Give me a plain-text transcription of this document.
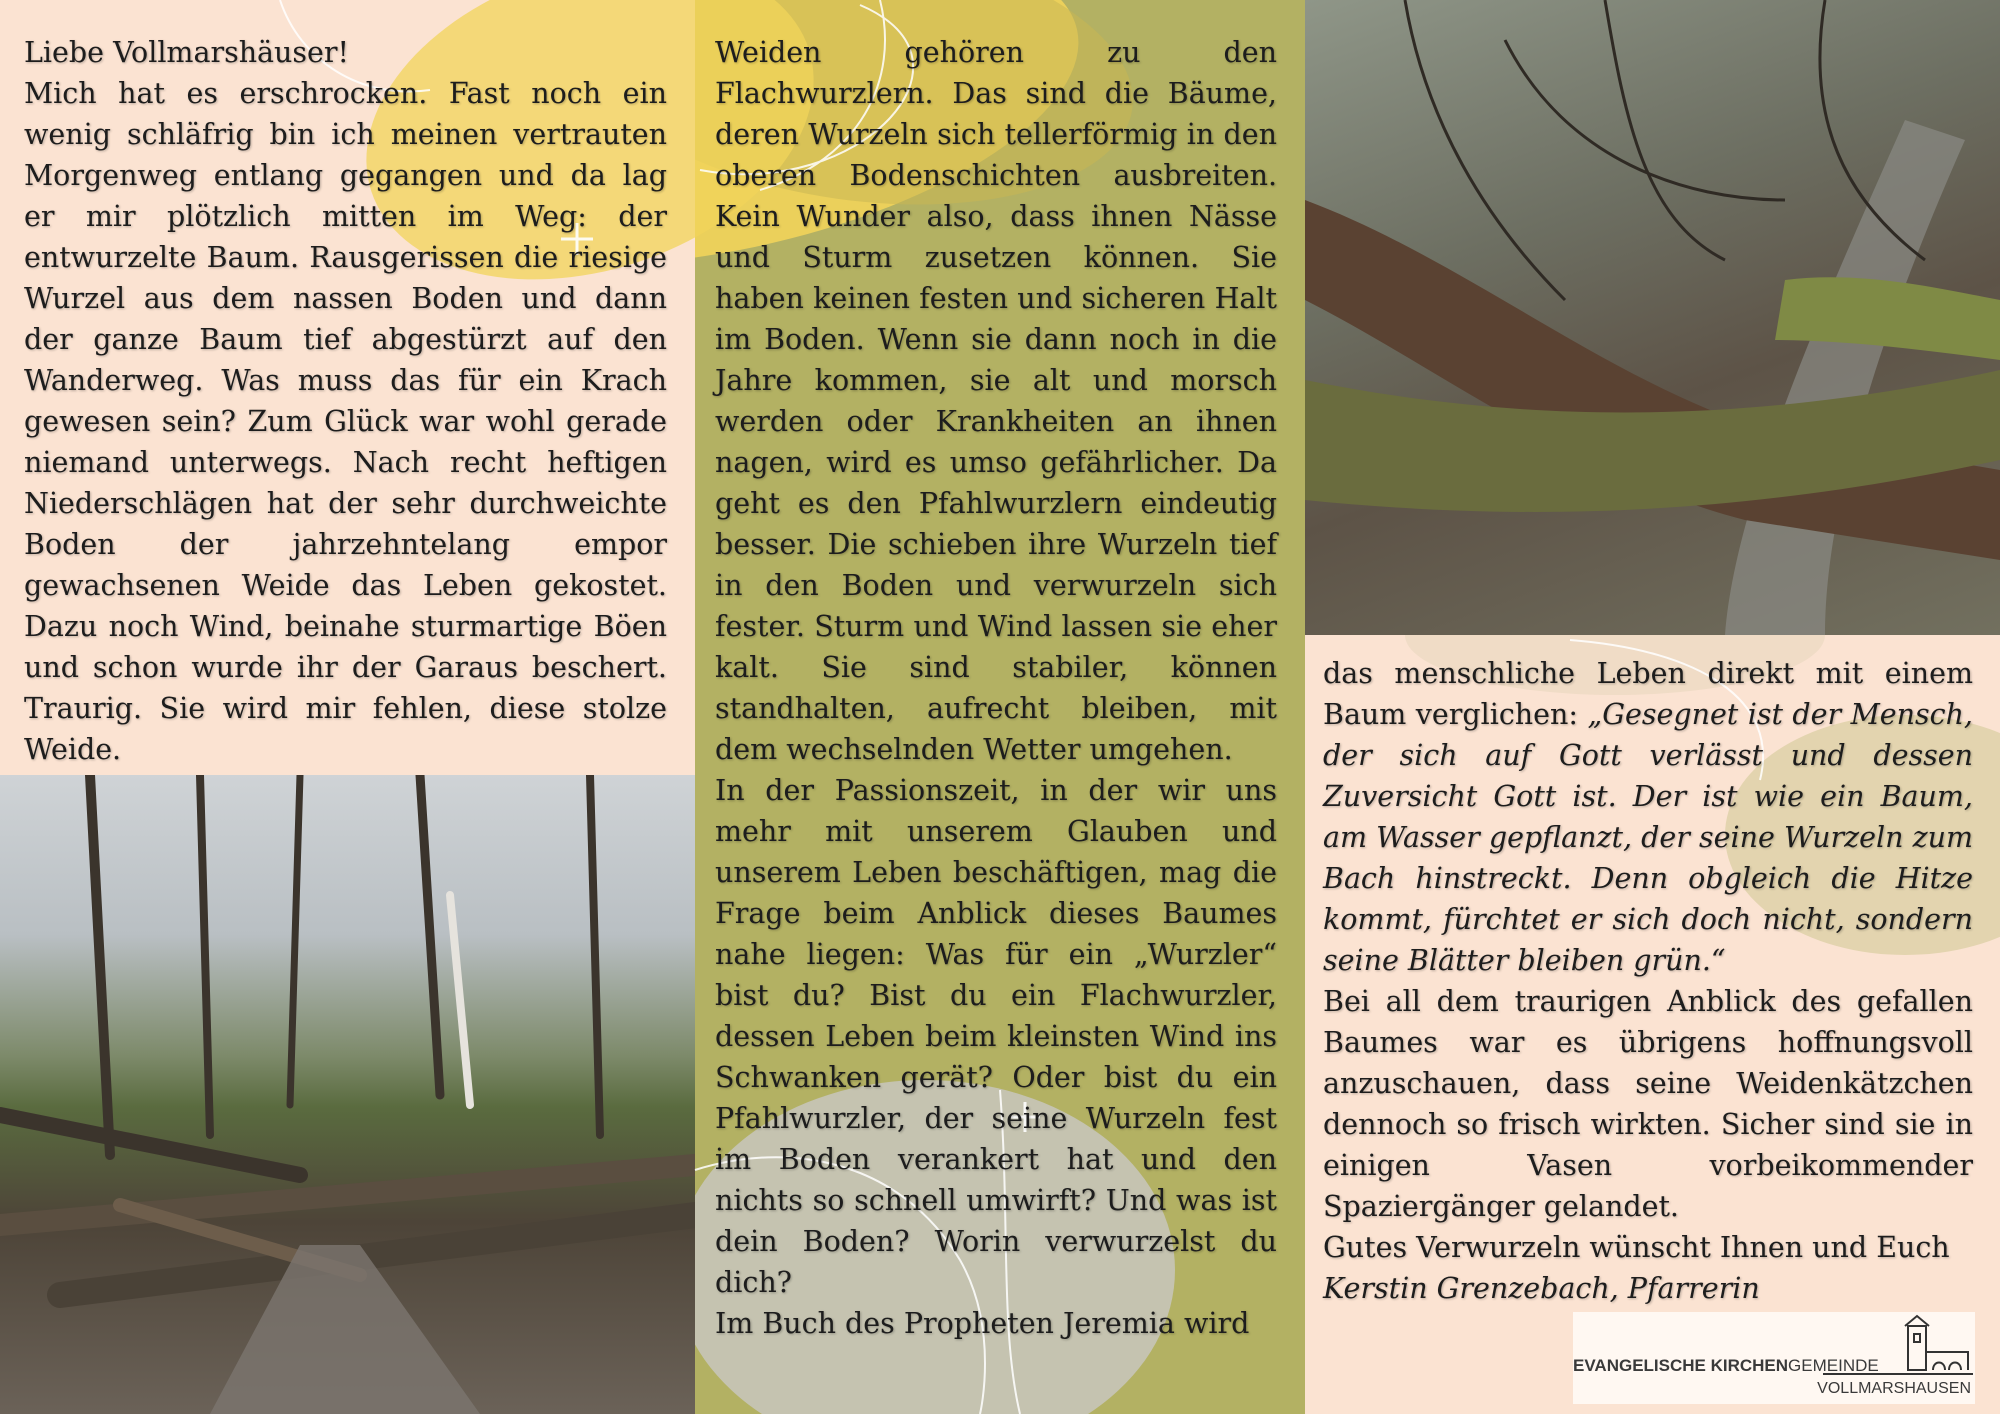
Liebe Vollmarshäuser!

Mich hat es erschrocken. Fast noch ein wenig schläfrig bin ich meinen vertrauten Morgenweg entlang gegangen und da lag er mir plötzlich mitten im Weg: der entwurzelte Baum. Rausgerissen die riesige Wurzel aus dem nassen Boden und dann der ganze Baum tief abgestürzt auf den Wanderweg. Was muss das für ein Krach gewesen sein? Zum Glück war wohl gerade niemand unterwegs. Nach recht heftigen Niederschlägen hat der sehr durchweichte Boden der jahrzehntelang empor gewachsenen Weide das Leben gekostet. Dazu noch Wind, beinahe sturmartige Böen und schon wurde ihr der Garaus beschert. Traurig. Sie wird mir fehlen, diese stolze Weide.

Weiden gehören zu den Flachwurzlern. Das sind die Bäume, deren Wurzeln sich tellerförmig in den oberen Bodenschichten ausbreiten. Kein Wunder also, dass ihnen Nässe und Sturm zusetzen können. Sie haben keinen festen und sicheren Halt im Boden. Wenn sie dann noch in die Jahre kommen, sie alt und morsch werden oder Krankheiten an ihnen nagen, wird es umso gefährlicher. Da geht es den Pfahlwurzlern eindeutig besser. Die schieben ihre Wurzeln tief in den Boden und verwurzeln sich fester. Sturm und Wind lassen sie eher kalt. Sie sind stabiler, können standhalten, aufrecht bleiben, mit dem wechselnden Wetter umgehen.

In der Passionszeit, in der wir uns mehr mit unserem Glauben und unserem Leben beschäftigen, mag die Frage beim Anblick dieses Baumes nahe liegen: Was für ein „Wurzler“ bist du? Bist du ein Flachwurzler, dessen Leben beim kleinsten Wind ins Schwanken gerät? Oder bist du ein Pfahlwurzler, der seine Wurzeln fest im Boden verankert hat und den nichts so schnell umwirft? Und was ist dein Boden? Worin verwurzelst du dich?

Im Buch des Propheten Jeremia wird

das menschliche Leben direkt mit einem Baum verglichen: „Gesegnet ist der Mensch, der sich auf Gott verlässt und dessen Zuversicht Gott ist. Der ist wie ein Baum, am Wasser gepflanzt, der seine Wurzeln zum Bach hinstreckt. Denn obgleich die Hitze kommt, fürchtet er sich doch nicht, sondern seine Blätter bleiben grün.“

Bei all dem traurigen Anblick des gefallen Baumes war es übrigens hoffnungsvoll anzuschauen, dass seine Weidenkätzchen dennoch so frisch wirkten. Sicher sind sie in einigen Vasen vorbeikommender Spaziergänger gelandet.

Gutes Verwurzeln wünscht Ihnen und Euch

Kerstin Grenzebach, Pfarrerin

EVANGELISCHE KIRCHENGEMEINDE
VOLLMARSHAUSEN
